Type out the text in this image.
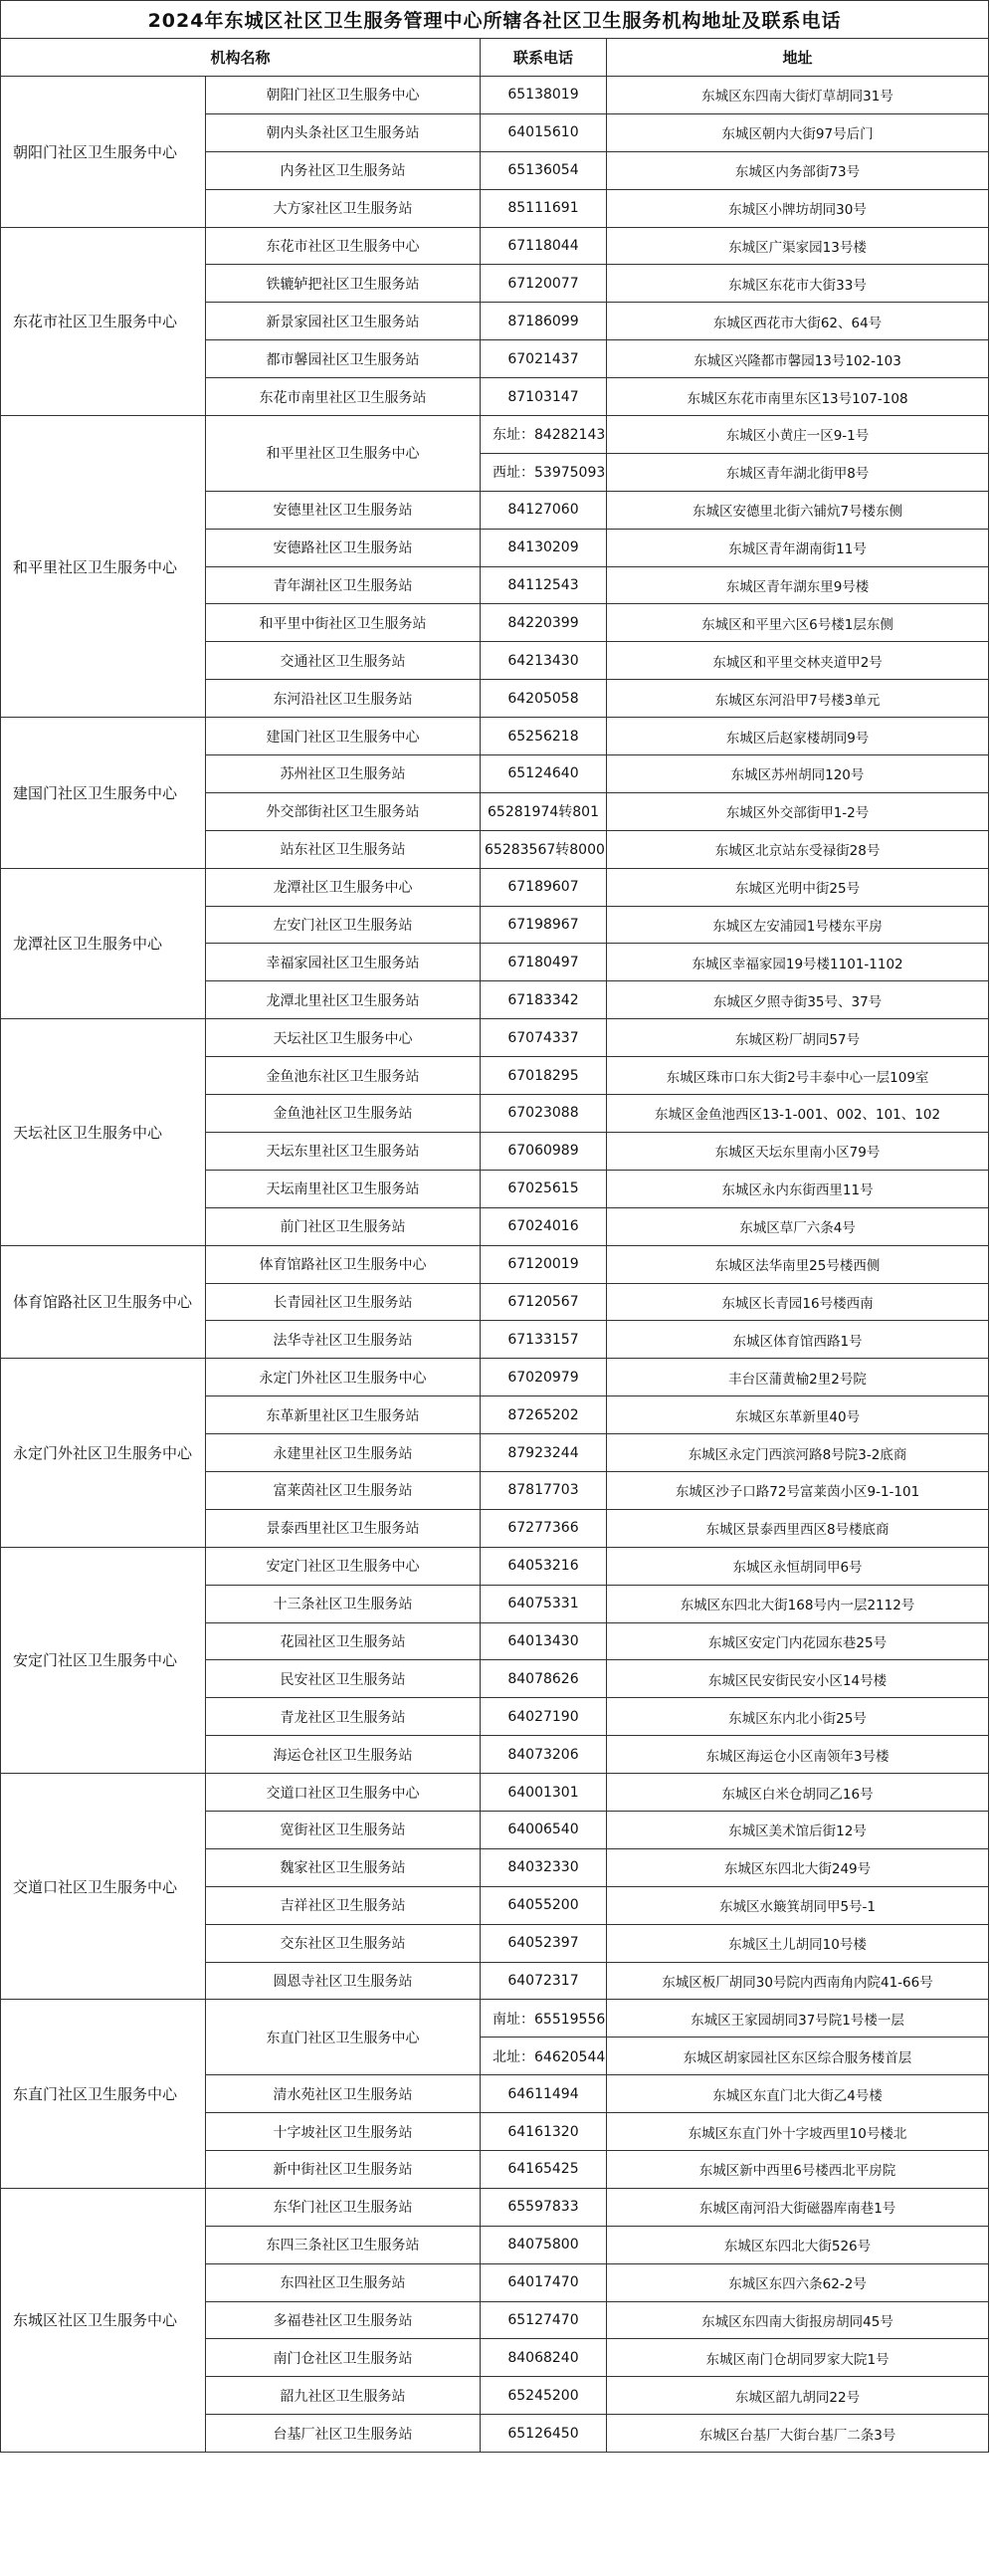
2024年东城区社区卫生服务管理中心所辖各社区卫生服务机构地址及联系电话			
机构名称		联系电话	地址
朝阳门社区卫生服务中心	朝阳门社区卫生服务中心	65138019	东城区东四南大街灯草胡同31号
	朝内头条社区卫生服务站	64015610	东城区朝内大街97号后门
	内务社区卫生服务站	65136054	东城区内务部街73号
	大方家社区卫生服务站	85111691	东城区小牌坊胡同30号
东花市社区卫生服务中心	东花市社区卫生服务中心	67118044	东城区广渠家园13号楼
	铁辘轳把社区卫生服务站	67120077	东城区东花市大街33号
	新景家园社区卫生服务站	87186099	东城区西花市大街62、64号
	都市馨园社区卫生服务站	67021437	东城区兴隆都市馨园13号102-103
	东花市南里社区卫生服务站	87103147	东城区东花市南里东区13号107-108
和平里社区卫生服务中心	和平里社区卫生服务中心	东址：84282143	东城区小黄庄一区9-1号
		西址：53975093	东城区青年湖北街甲8号
	安德里社区卫生服务站	84127060	东城区安德里北街六铺炕7号楼东侧
	安德路社区卫生服务站	84130209	东城区青年湖南街11号
	青年湖社区卫生服务站	84112543	东城区青年湖东里9号楼
	和平里中街社区卫生服务站	84220399	东城区和平里六区6号楼1层东侧
	交通社区卫生服务站	64213430	东城区和平里交林夹道甲2号
	东河沿社区卫生服务站	64205058	东城区东河沿甲7号楼3单元
建国门社区卫生服务中心	建国门社区卫生服务中心	65256218	东城区后赵家楼胡同9号
	苏州社区卫生服务站	65124640	东城区苏州胡同120号
	外交部街社区卫生服务站	65281974转801	东城区外交部街甲1-2号
	站东社区卫生服务站	65283567转8000	东城区北京站东受禄街28号
龙潭社区卫生服务中心	龙潭社区卫生服务中心	67189607	东城区光明中街25号
	左安门社区卫生服务站	67198967	东城区左安浦园1号楼东平房
	幸福家园社区卫生服务站	67180497	东城区幸福家园19号楼1101-1102
	龙潭北里社区卫生服务站	67183342	东城区夕照寺街35号、37号
天坛社区卫生服务中心	天坛社区卫生服务中心	67074337	东城区粉厂胡同57号
	金鱼池东社区卫生服务站	67018295	东城区珠市口东大街2号丰泰中心一层109室
	金鱼池社区卫生服务站	67023088	东城区金鱼池西区13-1-001、002、101、102
	天坛东里社区卫生服务站	67060989	东城区天坛东里南小区79号
	天坛南里社区卫生服务站	67025615	东城区永内东街西里11号
	前门社区卫生服务站	67024016	东城区草厂六条4号
体育馆路社区卫生服务中心	体育馆路社区卫生服务中心	67120019	东城区法华南里25号楼西侧
	长青园社区卫生服务站	67120567	东城区长青园16号楼西南
	法华寺社区卫生服务站	67133157	东城区体育馆西路1号
永定门外社区卫生服务中心	永定门外社区卫生服务中心	67020979	丰台区蒲黄榆2里2号院
	东革新里社区卫生服务站	87265202	东城区东革新里40号
	永建里社区卫生服务站	87923244	东城区永定门西滨河路8号院3-2底商
	富莱茵社区卫生服务站	87817703	东城区沙子口路72号富莱茵小区9-1-101
	景泰西里社区卫生服务站	67277366	东城区景泰西里西区8号楼底商
安定门社区卫生服务中心	安定门社区卫生服务中心	64053216	东城区永恒胡同甲6号
	十三条社区卫生服务站	64075331	东城区东四北大街168号内一层2112号
	花园社区卫生服务站	64013430	东城区安定门内花园东巷25号
	民安社区卫生服务站	84078626	东城区民安街民安小区14号楼
	青龙社区卫生服务站	64027190	东城区东内北小街25号
	海运仓社区卫生服务站	84073206	东城区海运仓小区南领年3号楼
交道口社区卫生服务中心	交道口社区卫生服务中心	64001301	东城区白米仓胡同乙16号
	宽街社区卫生服务站	64006540	东城区美术馆后街12号
	魏家社区卫生服务站	84032330	东城区东四北大街249号
	吉祥社区卫生服务站	64055200	东城区水簸箕胡同甲5号-1
	交东社区卫生服务站	64052397	东城区土儿胡同10号楼
	圆恩寺社区卫生服务站	64072317	东城区板厂胡同30号院内西南角内院41-66号
东直门社区卫生服务中心	东直门社区卫生服务中心	南址：65519556	东城区王家园胡同37号院1号楼一层
		北址：64620544	东城区胡家园社区东区综合服务楼首层
	清水苑社区卫生服务站	64611494	东城区东直门北大街乙4号楼
	十字坡社区卫生服务站	64161320	东城区东直门外十字坡西里10号楼北
	新中街社区卫生服务站	64165425	东城区新中西里6号楼西北平房院
东城区社区卫生服务中心	东华门社区卫生服务站	65597833	东城区南河沿大街磁器库南巷1号
	东四三条社区卫生服务站	84075800	东城区东四北大街526号
	东四社区卫生服务站	64017470	东城区东四六条62-2号
	多福巷社区卫生服务站	65127470	东城区东四南大街报房胡同45号
	南门仓社区卫生服务站	84068240	东城区南门仓胡同罗家大院1号
	韶九社区卫生服务站	65245200	东城区韶九胡同22号
	台基厂社区卫生服务站	65126450	东城区台基厂大街台基厂二条3号
